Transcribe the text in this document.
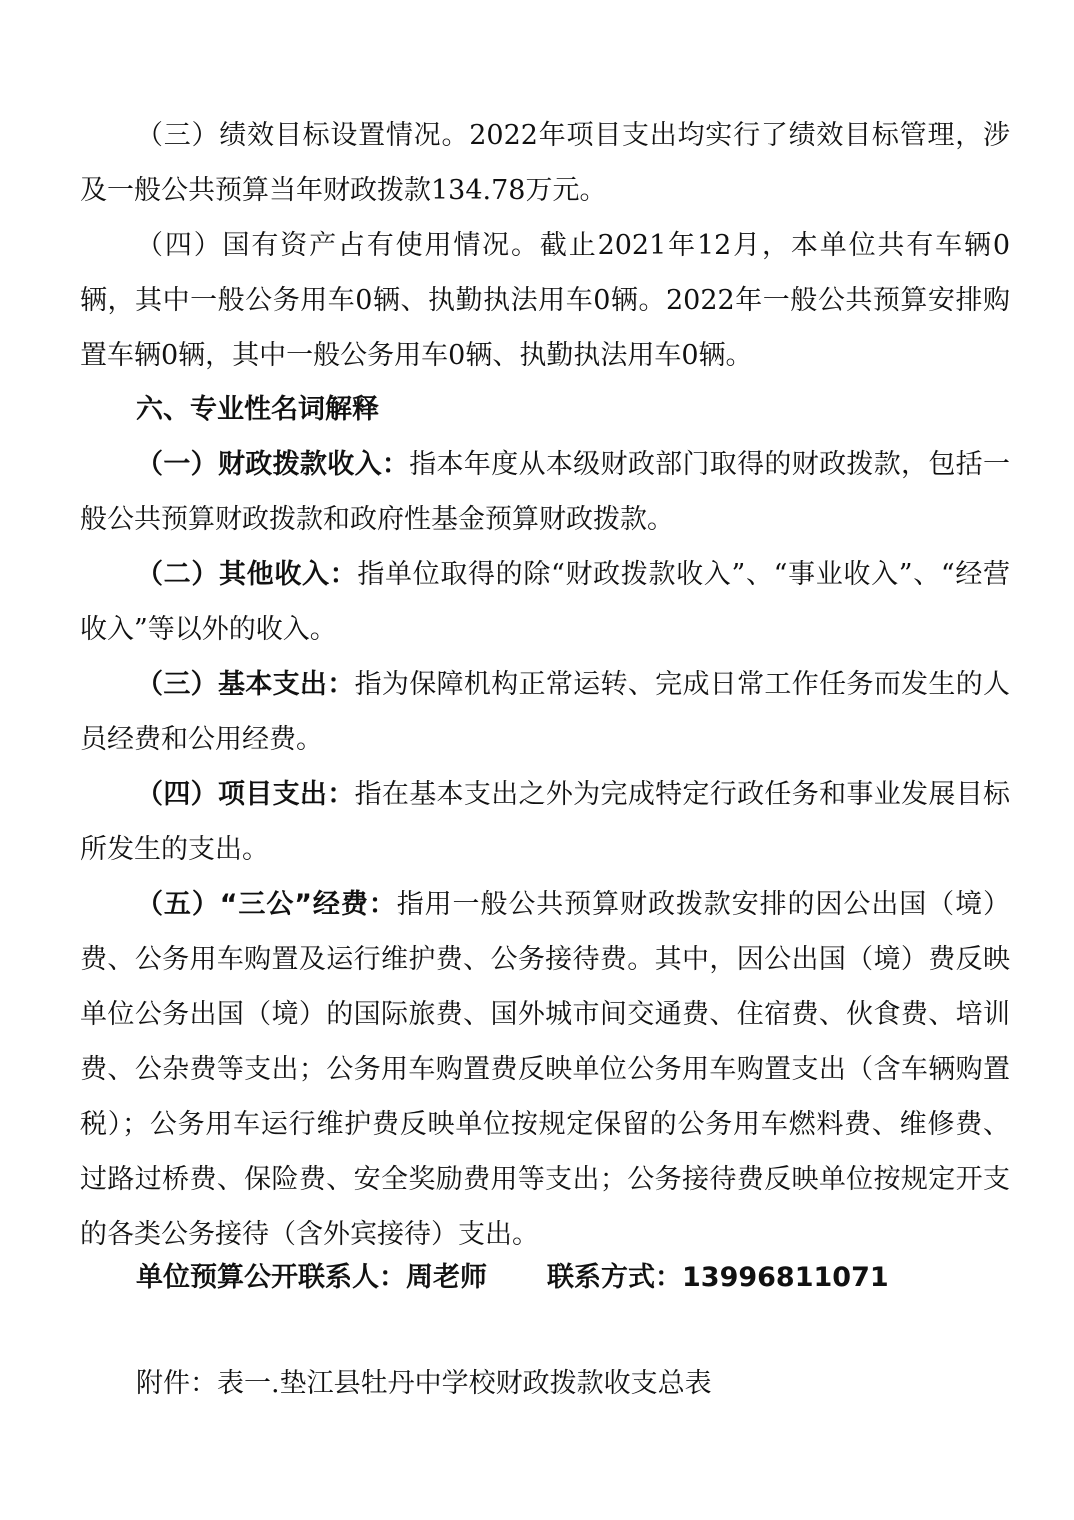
（三）绩效目标设置情况。2022年项目支出均实行了绩效目标管理，涉及一般公共预算当年财政拨款134.78万元。

（四）国有资产占有使用情况。截止2021年12月，本单位共有车辆0辆，其中一般公务用车0辆、执勤执法用车0辆。2022年一般公共预算安排购置车辆0辆，其中一般公务用车0辆、执勤执法用车0辆。

六、专业性名词解释

（一）财政拨款收入：指本年度从本级财政部门取得的财政拨款，包括一般公共预算财政拨款和政府性基金预算财政拨款。

（二）其他收入：指单位取得的除“财政拨款收入”、“事业收入”、“经营收入”等以外的收入。

（三）基本支出：指为保障机构正常运转、完成日常工作任务而发生的人员经费和公用经费。

（四）项目支出：指在基本支出之外为完成特定行政任务和事业发展目标所发生的支出。

（五）“三公”经费：指用一般公共预算财政拨款安排的因公出国（境）费、公务用车购置及运行维护费、公务接待费。其中，因公出国（境）费反映单位公务出国（境）的国际旅费、国外城市间交通费、住宿费、伙食费、培训费、公杂费等支出；公务用车购置费反映单位公务用车购置支出（含车辆购置税）；公务用车运行维护费反映单位按规定保留的公务用车燃料费、维修费、过路过桥费、保险费、安全奖励费用等支出；公务接待费反映单位按规定开支的各类公务接待（含外宾接待）支出。

单位预算公开联系人：周老师 联系方式：13996811071

附件：表一.垫江县牡丹中学校财政拨款收支总表
